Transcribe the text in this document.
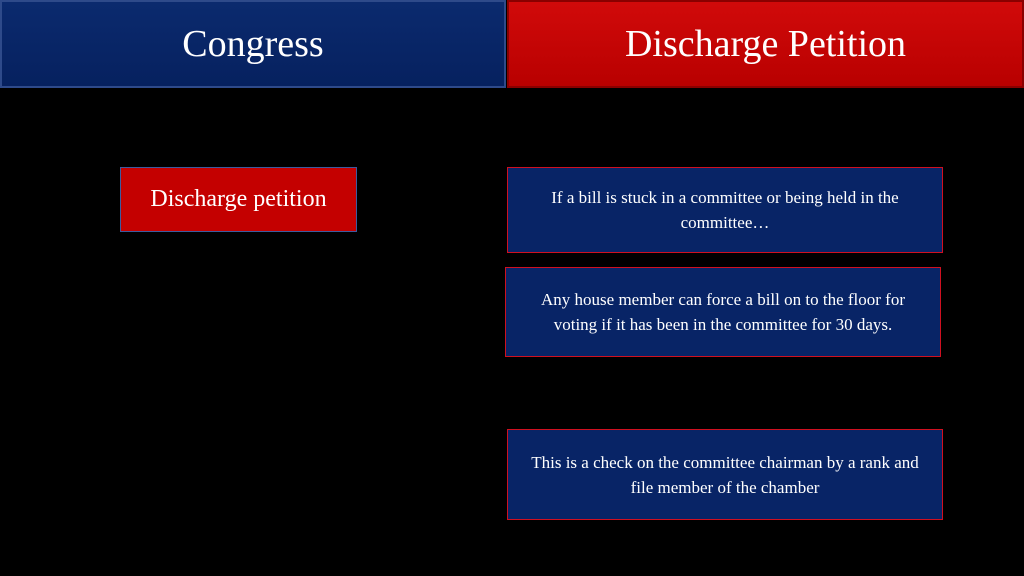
Congress	Discharge Petition
Discharge petition	If a bill is stuck in a committee or being held in the committee…
Any house member can force a bill on to the floor for voting if it has been in the committee for 30 days.
This is a check on the committee chairman by a rank and file member of the chamber
